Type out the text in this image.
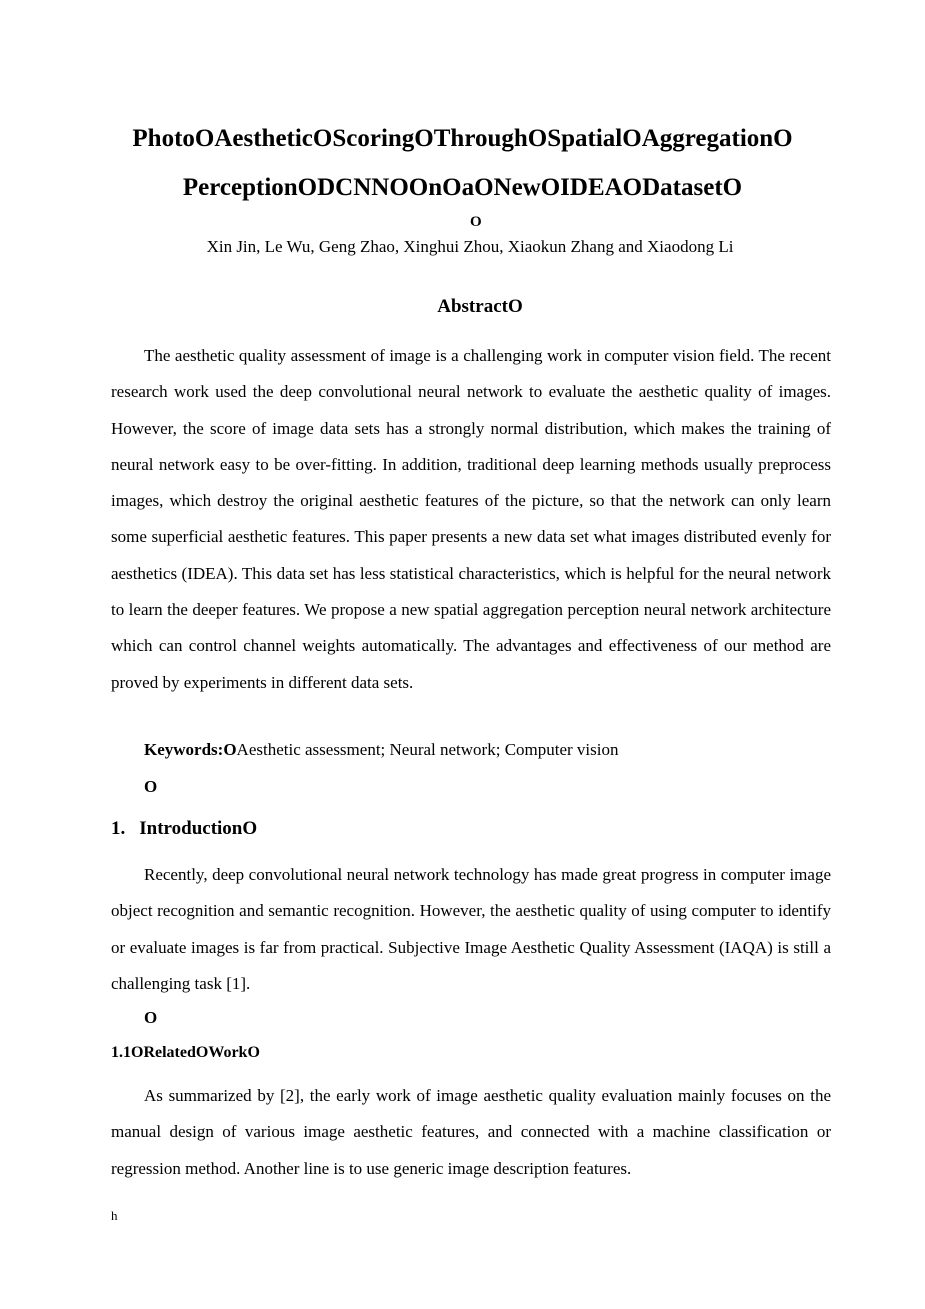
PhotoOAestheticOScoringOThroughOSpatialOAggregationO
PerceptionODCNNOOnOaONewOIDEAODatasetO
O
Xin Jin, Le Wu, Geng Zhao, Xinghui Zhou, Xiaokun Zhang and Xiaodong Li
AbstractO
The aesthetic quality assessment of image is a challenging work in computer vision field. The recent research work used the deep convolutional neural network to evaluate the aesthetic quality of images. However, the score of image data sets has a strongly normal distribution, which makes the training of neural network easy to be over-fitting. In addition, traditional deep learning methods usually preprocess images, which destroy the original aesthetic features of the picture, so that the network can only learn some superficial aesthetic features. This paper presents a new data set what images distributed evenly for aesthetics (IDEA). This data set has less statistical characteristics, which is helpful for the neural network to learn the deeper features. We propose a new spatial aggregation perception neural network architecture which can control channel weights automatically. The advantages and effectiveness of our method are proved by experiments in different data sets.
Keywords:OAesthetic assessment; Neural network; Computer vision
O
1. IntroductionO
Recently, deep convolutional neural network technology has made great progress in computer image object recognition and semantic recognition. However, the aesthetic quality of using computer to identify or evaluate images is far from practical. Subjective Image Aesthetic Quality Assessment (IAQA) is still a challenging task [1].
O
1.1ORelatedOWorkO
As summarized by [2], the early work of image aesthetic quality evaluation mainly focuses on the manual design of various image aesthetic features, and connected with a machine classification or regression method. Another line is to use generic image description features.
h
